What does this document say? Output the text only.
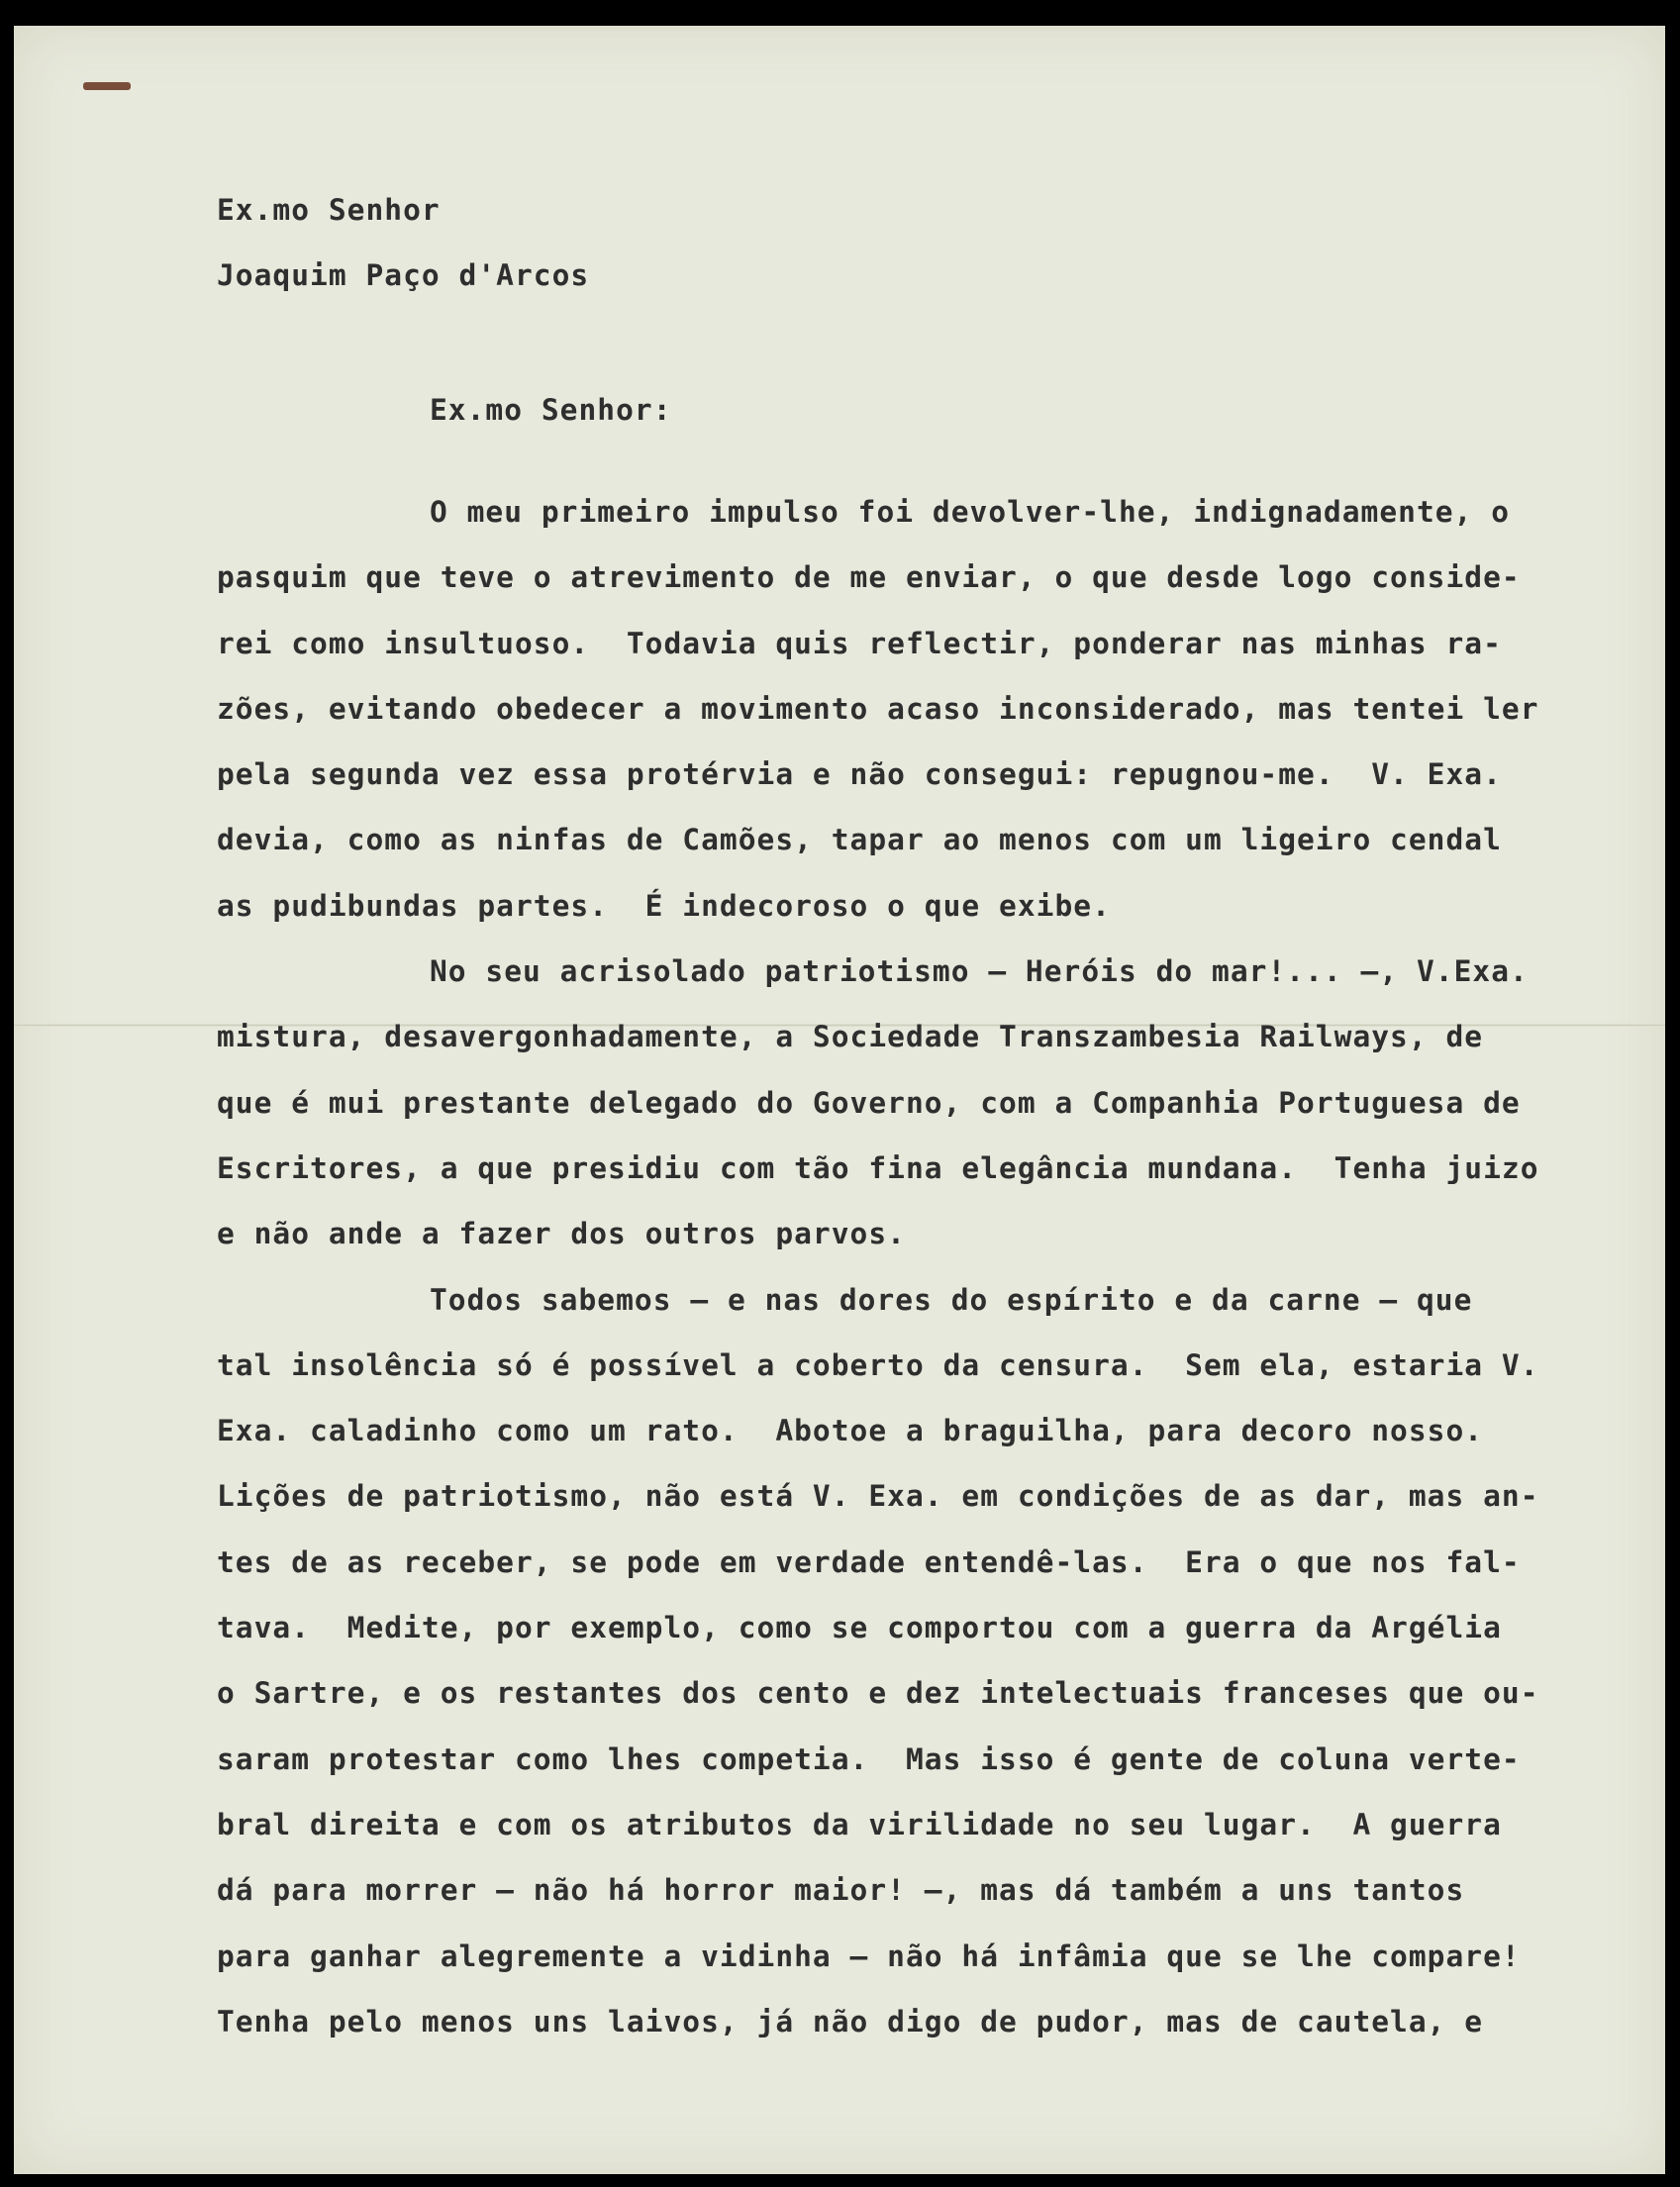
Ex.mo Senhor
Joaquim Paço d'Arcos
Ex.mo Senhor:
O meu primeiro impulso foi devolver-lhe, indignadamente, o
pasquim que teve o atrevimento de me enviar, o que desde logo conside-
rei como insultuoso.  Todavia quis reflectir, ponderar nas minhas ra-
zões, evitando obedecer a movimento acaso inconsiderado, mas tentei ler
pela segunda vez essa protérvia e não consegui: repugnou-me.  V. Exa.
devia, como as ninfas de Camões, tapar ao menos com um ligeiro cendal
as pudibundas partes.  É indecoroso o que exibe.
No seu acrisolado patriotismo — Heróis do mar!... —, V.Exa.
mistura, desavergonhadamente, a Sociedade Transzambesia Railways, de
que é mui prestante delegado do Governo, com a Companhia Portuguesa de
Escritores, a que presidiu com tão fina elegância mundana.  Tenha juizo
e não ande a fazer dos outros parvos.
Todos sabemos — e nas dores do espírito e da carne — que
tal insolência só é possível a coberto da censura.  Sem ela, estaria V.
Exa. caladinho como um rato.  Abotoe a braguilha, para decoro nosso.
Lições de patriotismo, não está V. Exa. em condições de as dar, mas an-
tes de as receber, se pode em verdade entendê-las.  Era o que nos fal-
tava.  Medite, por exemplo, como se comportou com a guerra da Argélia
o Sartre, e os restantes dos cento e dez intelectuais franceses que ou-
saram protestar como lhes competia.  Mas isso é gente de coluna verte-
bral direita e com os atributos da virilidade no seu lugar.  A guerra
dá para morrer — não há horror maior! —, mas dá também a uns tantos
para ganhar alegremente a vidinha — não há infâmia que se lhe compare!
Tenha pelo menos uns laivos, já não digo de pudor, mas de cautela, e
